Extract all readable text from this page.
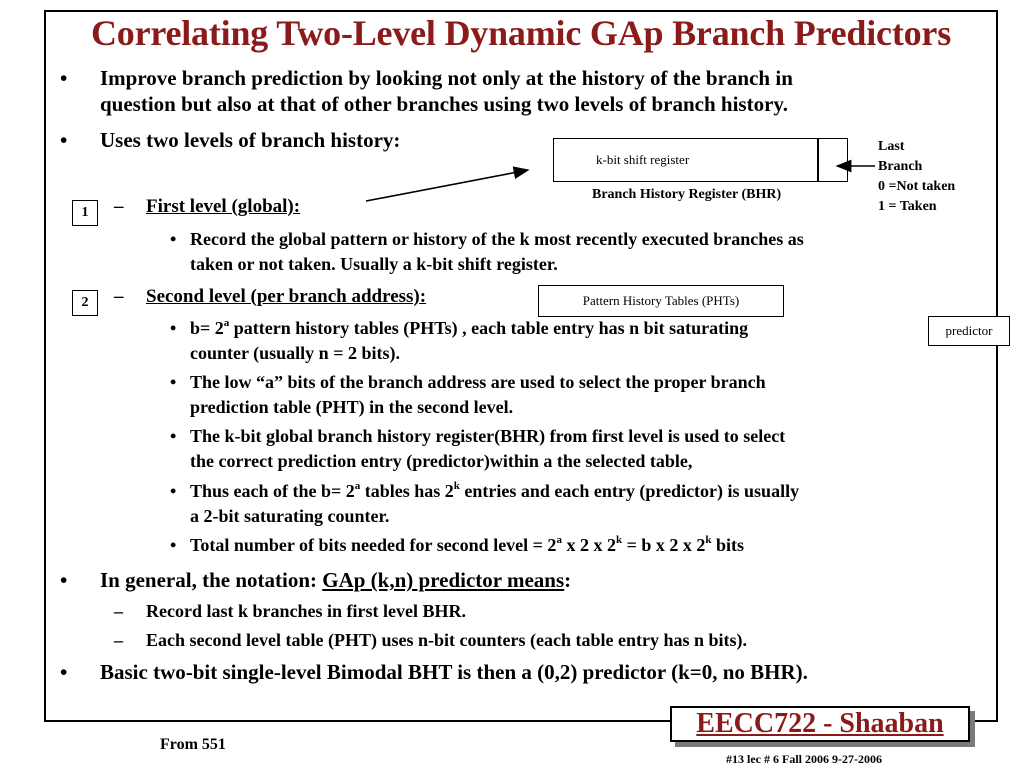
Correlating Two-Level Dynamic GAp Branch Predictors
• Improve branch prediction by looking not only at the history of the branch in
question but also at that of other branches using two levels of branch history.
• Uses two levels of branch history:
k-bit shift register
Branch History Register (BHR)
Last
Branch
0 =Not taken
1 = Taken
1 – First level (global):
• Record the global pattern or history of the k most recently executed branches as
taken or not taken. Usually a k-bit shift register.
2 – Second level (per branch address):	Pattern History Tables (PHTs)
predictor
• $b= 2^a$ pattern history tables (PHTs) , each table entry has n bit saturating
counter (usually n = 2 bits).
• The low “a” bits of the branch address are used to select the proper branch
prediction table (PHT) in the second level.
• The k-bit global branch history register(BHR) from first level is used to select
the correct prediction entry (predictor)within a the selected table,
• Thus each of the $b= 2^a$ tables has 2$^k$ entries and each entry (predictor) is usually
a 2-bit saturating counter.
• Total number of bits needed for second level = $2^a$ x 2 x $2^k = b$ x 2 x 2$^k$ bits
• In general, the notation: GAp (k,n) predictor means:
– Record last k branches in first level BHR.
– Each second level table (PHT) uses n-bit counters (each table entry has n bits).
• Basic two-bit single-level Bimodal BHT is then a (0,2) predictor (k=0, no BHR).
EECC722 - Shaaban
From 551
#13 lec # 6 Fall 2006 9-27-2006
